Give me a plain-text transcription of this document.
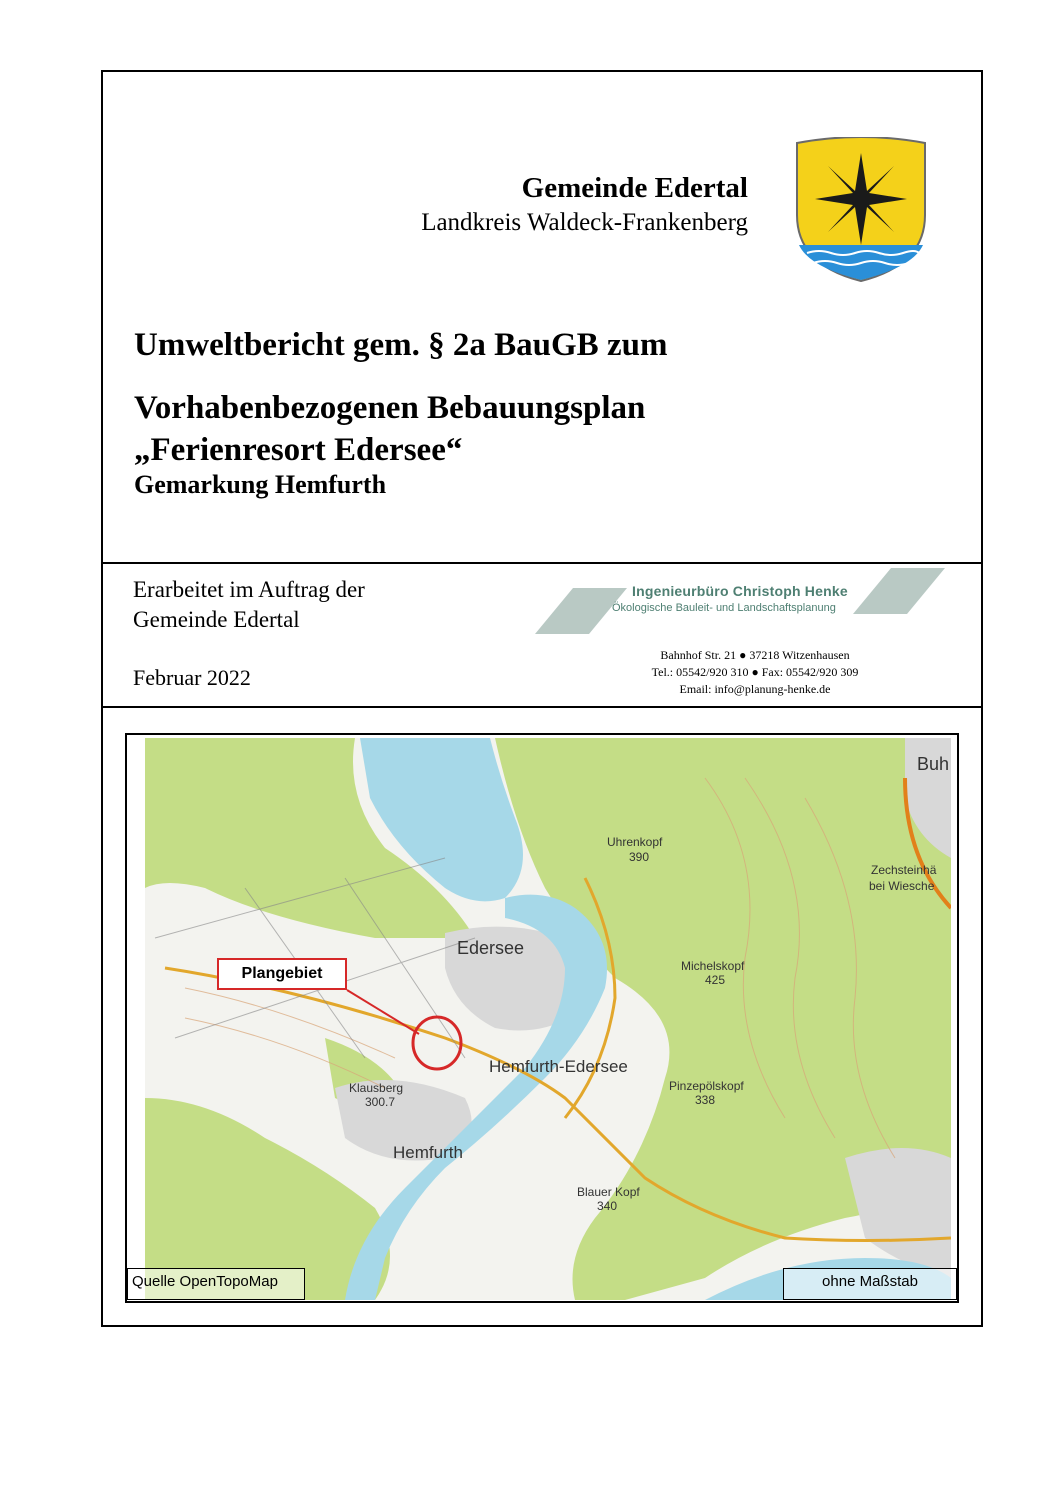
Gemeinde Edertal
Landkreis Waldeck-Frankenberg
Umweltbericht gem. § 2a BauGB zum
Vorhabenbezogenen Bebauungsplan
„Ferienresort Edersee“
Gemarkung Hemfurth
Erarbeitet im Auftrag der
Gemeinde Edertal
Februar 2022
Ingenieurbüro Christoph Henke
Ökologische Bauleit- und Landschaftsplanung
Bahnhof Str. 21 ● 37218 Witzenhausen
Tel.: 05542/920 310 ● Fax: 05542/920 309
Email: info@planung-henke.de
Buh
Uhrenkopf
390
Edersee
Michelskopf
425
Hemfurth-Edersee
Klausberg
300.7
Pinzepölskopf
338
Hemfurth
Blauer Kopf
340
Zechsteinhä
bei Wiesche
Plangebiet
Quelle OpenTopoMap	ohne Maßstab
